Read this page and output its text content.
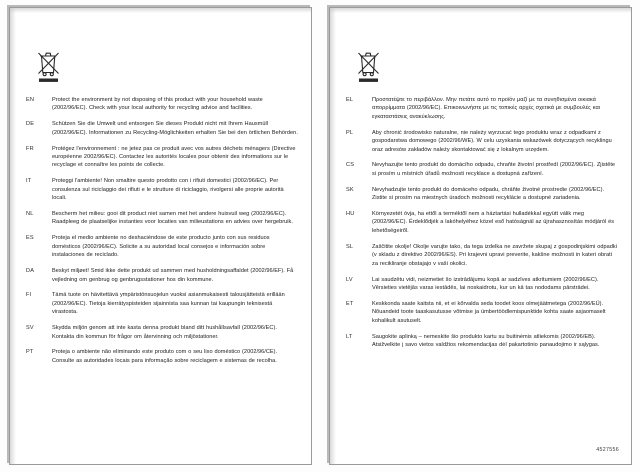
EN	Protect the environment by not disposing of this product with your household waste (2002/96/EC). Check with your local authority for recycling advice and facilities.
DE	Schützen Sie die Umwelt und entsorgen Sie dieses Produkt nicht mit Ihrem Hausmüll (2002/96/EC). Informationen zu Recycling-Möglichkeiten erhalten Sie bei den örtlichen Behörden.
FR	Protégez l'environnement : ne jetez pas ce produit avec vos autres déchets ménagers (Directive européenne 2002/96/EC). Contactez les autorités locales pour obtenir des informations sur le recyclage et connaître les points de collecte.
IT	Proteggi l'ambiente! Non smaltire questo prodotto con i rifiuti domestici (2002/96/EC). Per consulenza sul riciclaggio dei rifiuti e le strutture di riciclaggio, rivolgersi alle proprie autorità locali.
NL	Bescherm het milieu: gooi dit product niet samen met het andere huisvuil weg (2002/96/EC). Raadpleeg de plaatselijke instanties voor locaties van milieustations en advies over hergebruik.
ES	Proteja el medio ambiente no deshaciéndose de este producto junto con sus residuos domésticos (2002/96/EC). Solicite a su autoridad local consejos e información sobre instalaciones de reciclado.
DA	Beskyt miljøet! Smid ikke dette produkt ud sammen med husholdningsaffaldet (2002/96/EF). Få vejledning om genbrug og genbrugsstationer hos din kommune.
FI	Tämä tuote on hävitettävä ympäristönsuojelun vuoksi asianmukaisesti talousjätteistä erillään (2002/96/EC). Tietoja kierrätyspisteiden sijainnista saa kunnan tai kaupungin teknisestä virastosta.
SV	Skydda miljön genom att inte kasta denna produkt bland ditt hushållsavfall (2002/96/EC). Kontakta din kommun för frågor om återvinning och miljöstationer.
PT	Proteja o ambiente não eliminando este produto com o seu lixo doméstico (2002/96/CE). Consulte as autoridades locais para informação sobre reciclagem e sistemas de recolha.
EL	Προστατέψτε το περιβάλλον. Μην πετάτε αυτό το προϊόν μαζί με τα συνηθισμένα οικιακά απορρίμματα (2002/96/EC). Επικοινωνήστε με τις τοπικές αρχές σχετικά με συμβουλές και εγκαταστάσεις ανακύκλωσης.
PL	Aby chronić środowisko naturalne, nie należy wyrzucać tego produktu wraz z odpadkami z gospodarstwa domowego (2002/96/WE). W celu uzyskania wskazówek dotyczących recyklingu oraz adresów zakładów należy skontaktować się z lokalnym urzędem.
CS	Nevyhazujte tento produkt do domácího odpadu, chraňte životní prostředí (2002/96/EC). Zjistěte si prosím u místních úřadů možnosti recyklace a dostupná zařízení.
SK	Nevyhadzujte tento produkt do domáceho odpadu, chráňte životné prostredie (2002/96/EC). Zistite si prosím na miestnych úradoch možnosti recyklácie a dostupné zariadenia.
HU	Környezetét óvja, ha ettől a terméktől nem a háztartási hulladékkal együtt válik meg (2002/96/EC). Érdeklődjék a lakóhelyéhez közel eső hatóságnál az újrahasznosítás módjáról és lehetőségeiről.
SL	Zaščitite okolje! Okolje varujte tako, da tega izdelka ne zavržete skupaj z gospodinjskimi odpadki (v skladu z direktivo 2002/96/ES). Pri krajevni upravi preverite, kakšne možnosti in kateri obrati za recikliranje obstajajo v vaši okolici.
LV	Lai saudzētu vidi, neizmetiet šo izstrādājumu kopā ar sadzīves atkritumiem (2002/96/EC). Vērsieties vietējās varas iestādēs, lai noskaidrotu, kur un kā tas nododams pārstrādei.
ET	Keskkonda saate kaitsta nii, et ei kõrvalda seda toodet koos olmejäätmetega (2002/96/EÜ). Nõuandeid toote taaskasutusse võtmise ja ümbertöödlemispunktide kohta saate asjaomaselt kohalikult asutuselt.
LT	Saugokite aplinką – nemeskite šio produkto kartu su buitinėmis atliekomis (2002/96/EB). Atsižvelkite į savo vietos valdžios rekomendacijas dėl pakartotinio panaudojimo ir sąlygas.
4527556
